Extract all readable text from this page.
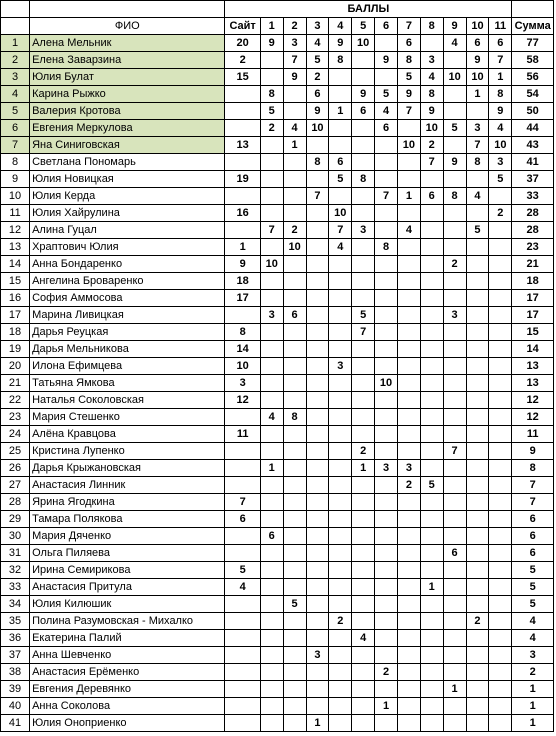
		БАЛЛЫ												
	ФИО	Сайт	1	2	3	4	5	6	7	8	9	10	11	Сумма
1	Алена Мельник	20	9	3	4	9	10		6		4	6	6	77
2	Елена Заварзина	2		7	5	8		9	8	3		9	7	58
3	Юлия Булат	15		9	2				5	4	10	10	1	56
4	Карина Рыжко		8		6		9	5	9	8		1	8	54
5	Валерия Кротова		5		9	1	6	4	7	9			9	50
6	Евгения Меркулова		2	4	10			6		10	5	3	4	44
7	Яна Синиговская	13		1					10	2		7	10	43
8	Светлана Пономарь				8	6				7	9	8	3	41
9	Юлия Новицкая	19				5	8						5	37
10	Юлия Керда				7			7	1	6	8	4		33
11	Юлия Хайрулина	16				10							2	28
12	Алина Гуцал		7	2		7	3		4			5		28
13	Храптович Юлия	1		10		4		8						23
14	Анна Бондаренко	9	10								2			21
15	Ангелина Броваренко	18												18
16	София Аммосова	17												17
17	Марина Ливицкая		3	6			5				3			17
18	Дарья Реуцкая	8					7							15
19	Дарья Мельникова	14												14
20	Илона Ефимцева	10				3								13
21	Татьяна Ямкова	3						10						13
22	Наталья Соколовская	12												12
23	Мария Стешенко		4	8										12
24	Алёна Кравцова	11												11
25	Кристина Лупенко						2				7			9
26	Дарья Крыжановская		1				1	3	3					8
27	Анастасия Линник								2	5				7
28	Ярина Ягодкина	7												7
29	Тамара Полякова	6												6
30	Мария Дяченко		6											6
31	Ольга Пиляева										6			6
32	Ирина Семирикова	5												5
33	Анастасия Притула	4								1				5
34	Юлия Килюшик			5										5
35	Полина Разумовская - Михалко					2						2		4
36	Екатерина Палий						4							4
37	Анна Шевченко				3									3
38	Анастасия Ерёменко							2						2
39	Евгения Деревянко										1			1
40	Анна Соколова							1						1
41	Юлия Оноприенко				1									1
